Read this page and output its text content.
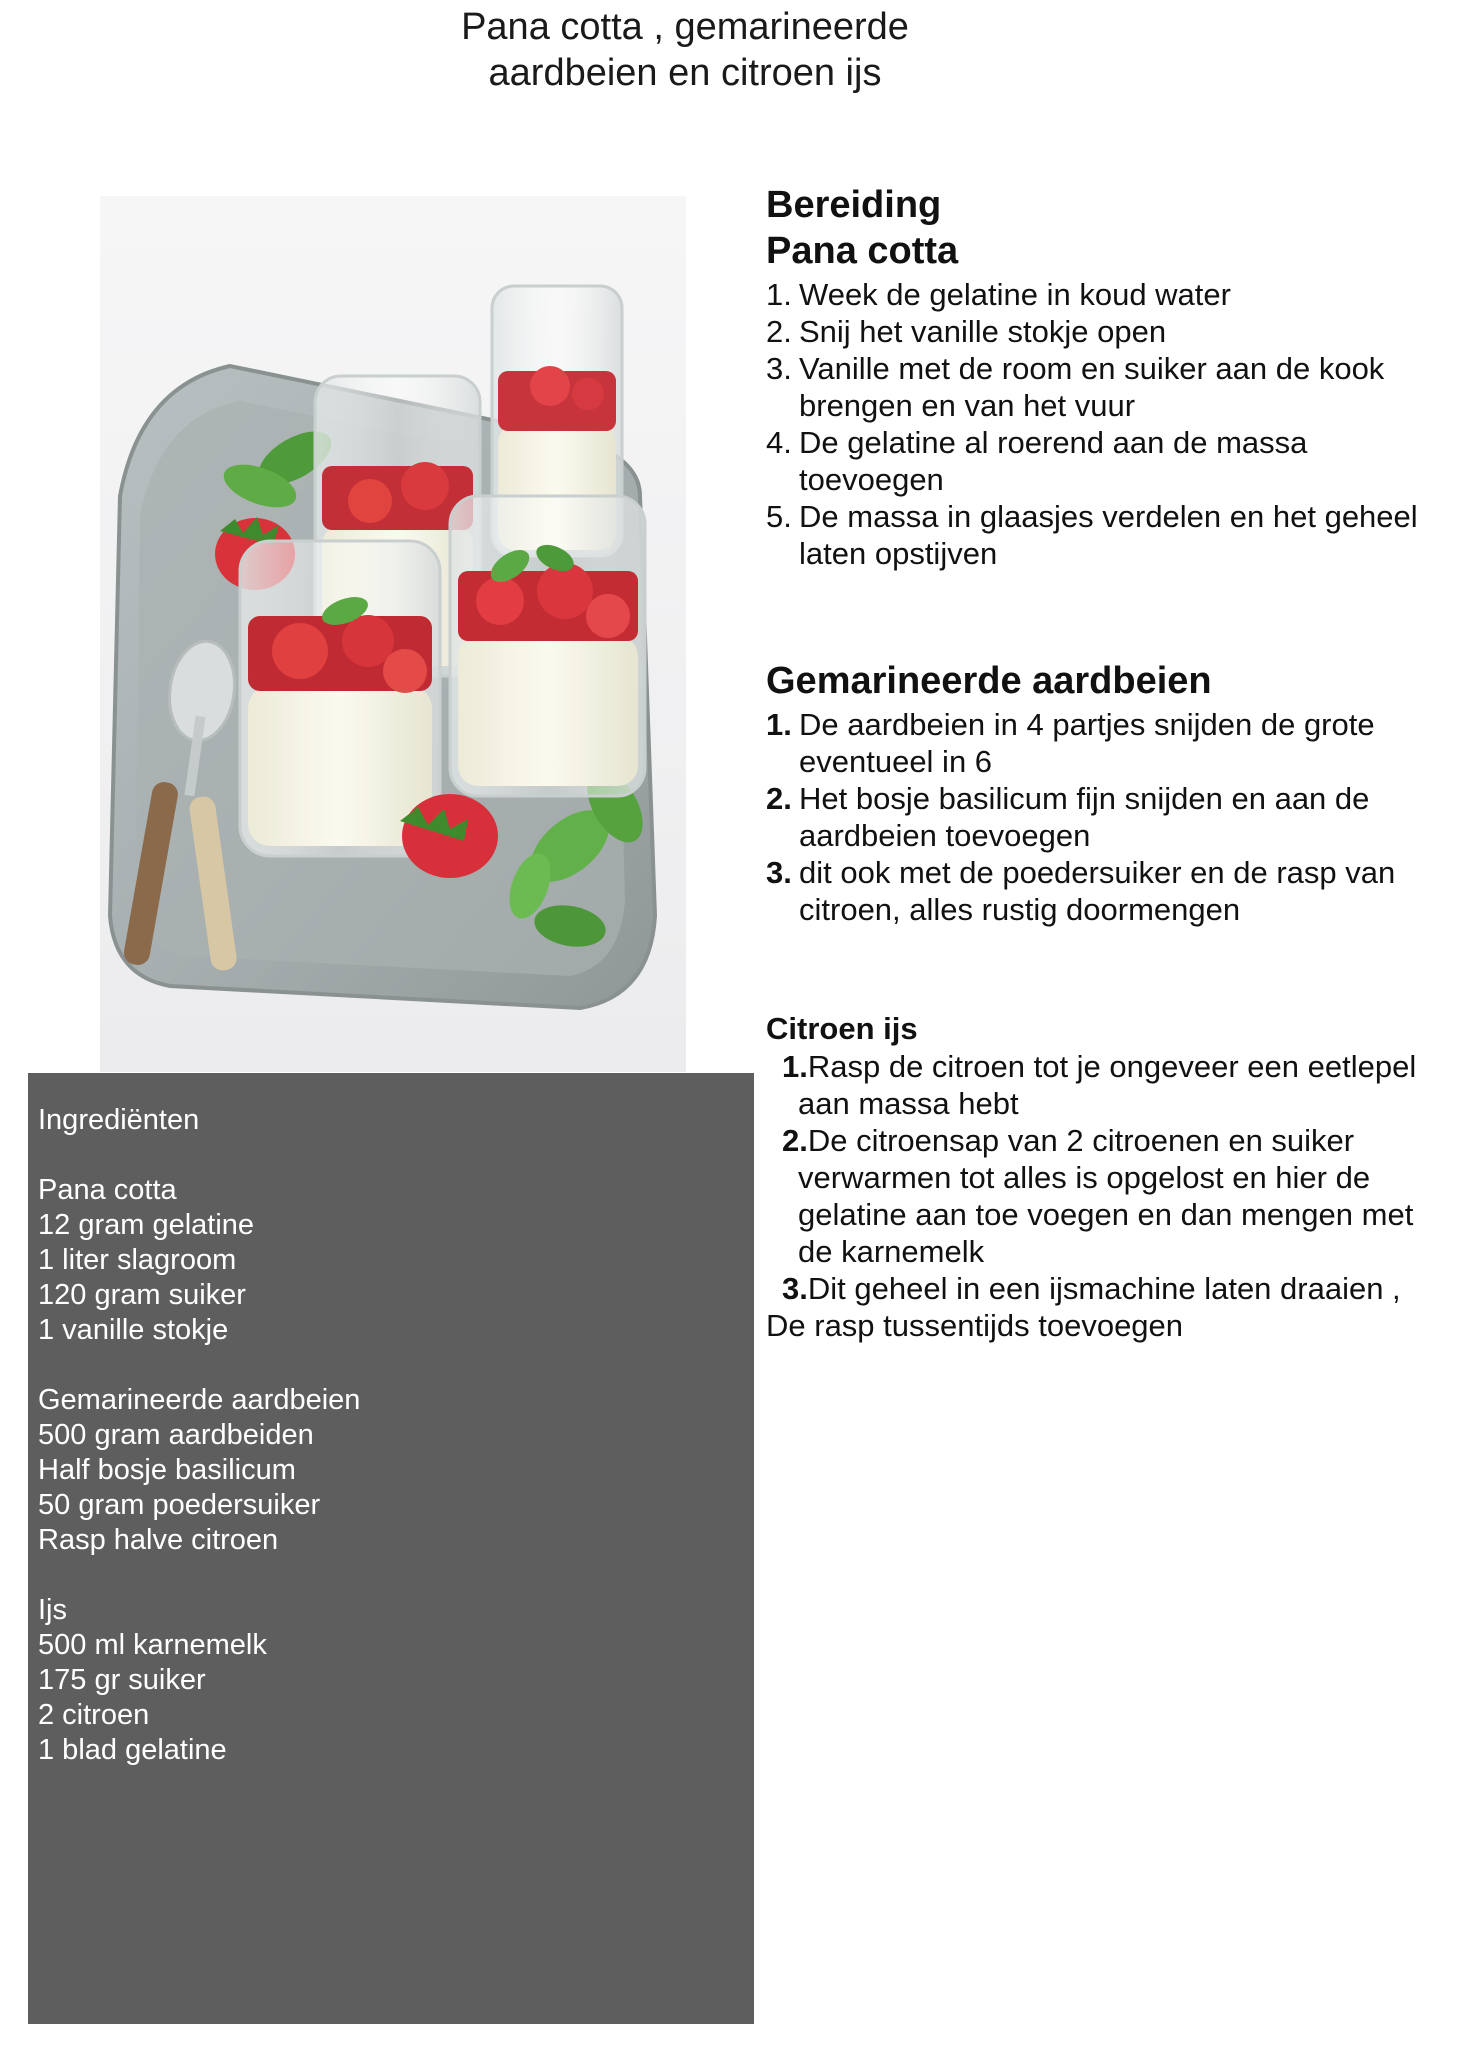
Pana cotta , gemarineerde
aardbeien en citroen ijs
Ingrediënten
Pana cotta
12 gram gelatine
1 liter slagroom
120 gram suiker
1 vanille stokje
Gemarineerde aardbeien
500 gram aardbeiden
Half bosje basilicum
50 gram poedersuiker
Rasp halve citroen
Ijs
500 ml karnemelk
175 gr suiker
2 citroen
1 blad gelatine
Bereiding
Pana cotta
1. Week de gelatine in koud water
2. Snij het vanille stokje open
3. Vanille met de room en suiker aan de kook brengen en van het vuur
4. De gelatine al roerend aan de massa toevoegen
5. De massa in glaasjes verdelen en het geheel laten opstijven
Gemarineerde aardbeien
1. De aardbeien in 4 partjes snijden de grote eventueel in 6
2. Het bosje basilicum fijn snijden en aan de aardbeien toevoegen
3. dit ook met de poedersuiker en de rasp van citroen, alles rustig doormengen
Citroen ijs
1.Rasp de citroen tot je ongeveer een eetlepel aan massa hebt
2.De citroensap van 2 citroenen en suiker verwarmen tot alles is opgelost en hier de gelatine aan toe voegen en dan mengen met de karnemelk
3.Dit geheel in een ijsmachine laten draaien ,
De rasp tussentijds toevoegen
